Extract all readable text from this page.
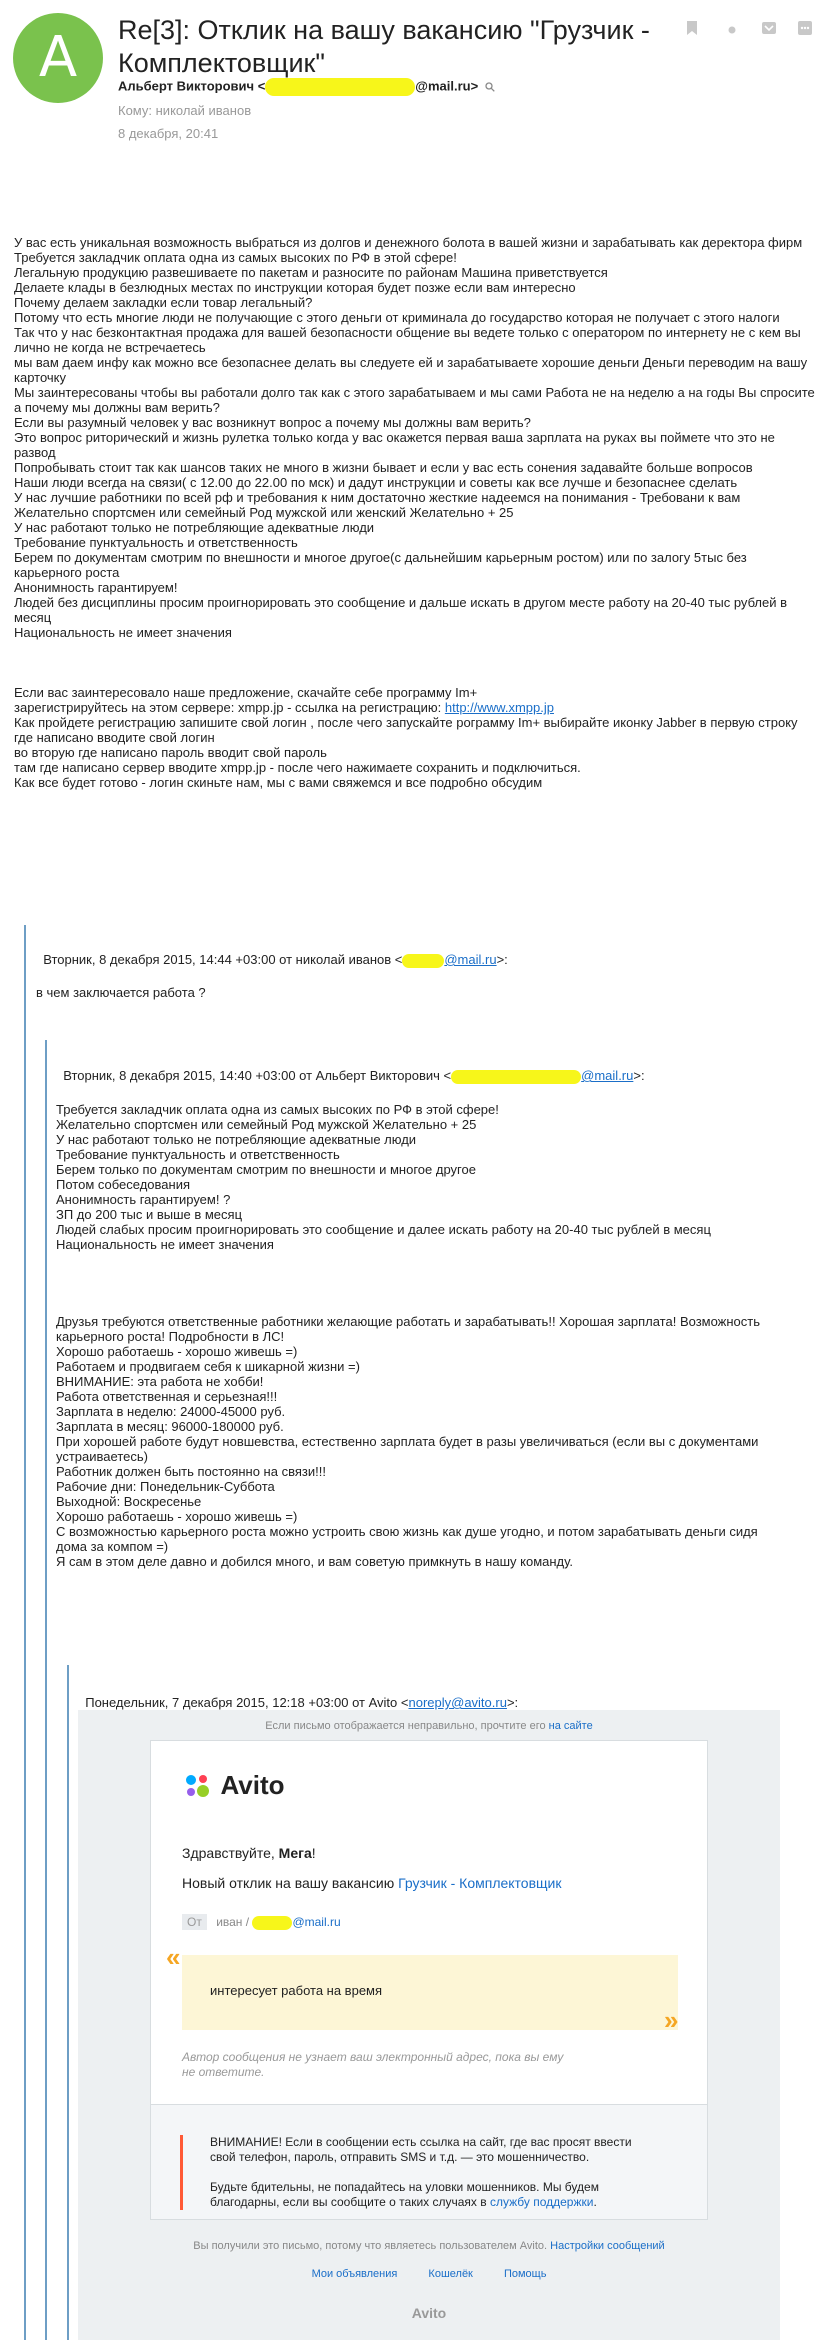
A	Re[3]: Отклик на вашу вакансию "Грузчик - Комплектовщик"
Альберт Викторович <	@mail.ru>
Кому: николай иванов
8 декабря, 20:41

У вас есть уникальная возможность выбраться из долгов и денежного болота в вашей жизни и зарабатывать как деректора фирм
Требуется закладчик оплата одна из самых высоких по РФ в этой сфере!
Легальную продукцию развешиваете по пакетам и разносите по районам Машина приветствуется
Делаете клады в безлюдных местах по инструкции которая будет позже если вам интересно
Почему делаем закладки если товар легальный?
Потому что есть многие люди не получающие с этого деньги от криминала до государство которая не получает с этого налоги
Так что у нас безконтактная продажа для вашей безопасности общение вы ведете только с оператором по интернету не с кем вы
лично не когда не встречаетесь
мы вам даем инфу как можно все безопаснее делать вы следуете ей и зарабатываете хорошие деньги Деньги переводим на вашу
карточку
Мы заинтересованы чтобы вы работали долго так как с этого зарабатываем и мы сами Работа не на неделю а на годы Вы спросите
а почему мы должны вам верить?
Если вы разумный человек у вас возникнут вопрос а почему мы должны вам верить?
Это вопрос риторический и жизнь рулетка только когда у вас окажется первая ваша зарплата на руках вы поймете что это не
развод
Попробывать стоит так как шансов таких не много в жизни бывает и если у вас есть сонения задавайте больше вопросов
Наши люди всегда на связи( с 12.00 до 22.00 по мск) и дадут инструкции и советы как все лучше и безопаснее сделать
У нас лучшие работники по всей рф и требования к ним достаточно жесткие надеемся на понимания - Требовани к вам
Желательно спортсмен или семейный Род мужской или женский Желательно + 25
У нас работают только не потребляющие адекватные люди
Требование пунктуальность и ответственность
Берем по документам смотрим по внешности и многое другое(с дальнейшим карьерным ростом) или по залогу 5тыс без
карьерного роста
Анонимность гарантируем!
Людей без дисциплины просим проигнорировать это сообщение и дальше искать в другом месте работу на 20-40 тыс рублей в
месяц
Национальность не имеет значения

Если вас заинтересовало наше предложение, скачайте себе программу Im+
зарегистрируйтесь на этом сервере: xmpp.jp - ссылка на регистрацию: http://www.xmpp.jp
Как пройдете регистрацию запишите свой логин , после чего запускайте рограмму Im+ выбирайте иконку Jabber в первую строку
где написано вводите свой логин
во вторую где написано пароль вводит свой пароль
там где написано сервер вводите xmpp.jp - после чего нажимаете сохранить и подключиться.
Как все будет готово - логин скиньте нам, мы с вами свяжемся и все подробно обсудим

Вторник, 8 декабря 2015, 14:44 +03:00 от николай иванов <	@mail.ru>:

в чем заключается работа ?

Вторник, 8 декабря 2015, 14:40 +03:00 от Альберт Викторович <	@mail.ru>:

Требуется закладчик оплата одна из самых высоких по РФ в этой сфере!
Желательно спортсмен или семейный Род мужской Желательно + 25
У нас работают только не потребляющие адекватные люди
Требование пунктуальность и ответственность
Берем только по документам смотрим по внешности и многое другое
Потом собеседования
Анонимность гарантируем! ?
ЗП до 200 тыс и выше в месяц
Людей слабых просим проигнорировать это сообщение и далее искать работу на 20-40 тыс рублей в месяц
Национальность не имеет значения
Друзья требуются ответственные работники желающие работать и зарабатывать!! Хорошая зарплата! Возможность
карьерного роста! Подробности в ЛС!
Хорошо работаешь - хорошо живешь =)
Работаем и продвигаем себя к шикарной жизни =)
ВНИМАНИЕ: эта работа не хобби!
Работа ответственная и серьезная!!!
Зарплата в неделю: 24000-45000 руб.
Зарплата в месяц: 96000-180000 руб.
При хорошей работе будут новшевства, естественно зарплата будет в разы увеличиваться (если вы с документами
устраиваетесь)
Работник должен быть постоянно на связи!!!
Рабочие дни: Понедельник-Суббота
Выходной: Воскресенье
Хорошо работаешь - хорошо живешь =)
С возможностью карьерного роста можно устроить свою жизнь как душе угодно, и потом зарабатывать деньги сидя
дома за компом =)
Я сам в этом деле давно и добился много, и вам советую примкнуть в нашу команду.

Понедельник, 7 декабря 2015, 12:18 +03:00 от Avito <noreply@avito.ru>:

Если письмо отображается неправильно, прочтите его на сайте
Avito
Здравствуйте, Мега!
Новый отклик на вашу вакансию Грузчик - Комплектовщик
От иван /	@mail.ru
«
»
интересует работа на время
Автор сообщения не узнает ваш электронный адрес, пока вы ему
не ответите.
ВНИМАНИЕ! Если в сообщении есть ссылка на сайт, где вас просят ввести
свой телефон, пароль, отправить SMS и т.д. — это мошенничество.
Будьте бдительны, не попадайтесь на уловки мошенников. Мы будем
благодарны, если вы сообщите о таких случаях в службу поддержки.
Вы получили это письмо, потому что являетесь пользователем Avito. Настройки сообщений
Мои объявления	Кошелёк	Помощь
Avito
